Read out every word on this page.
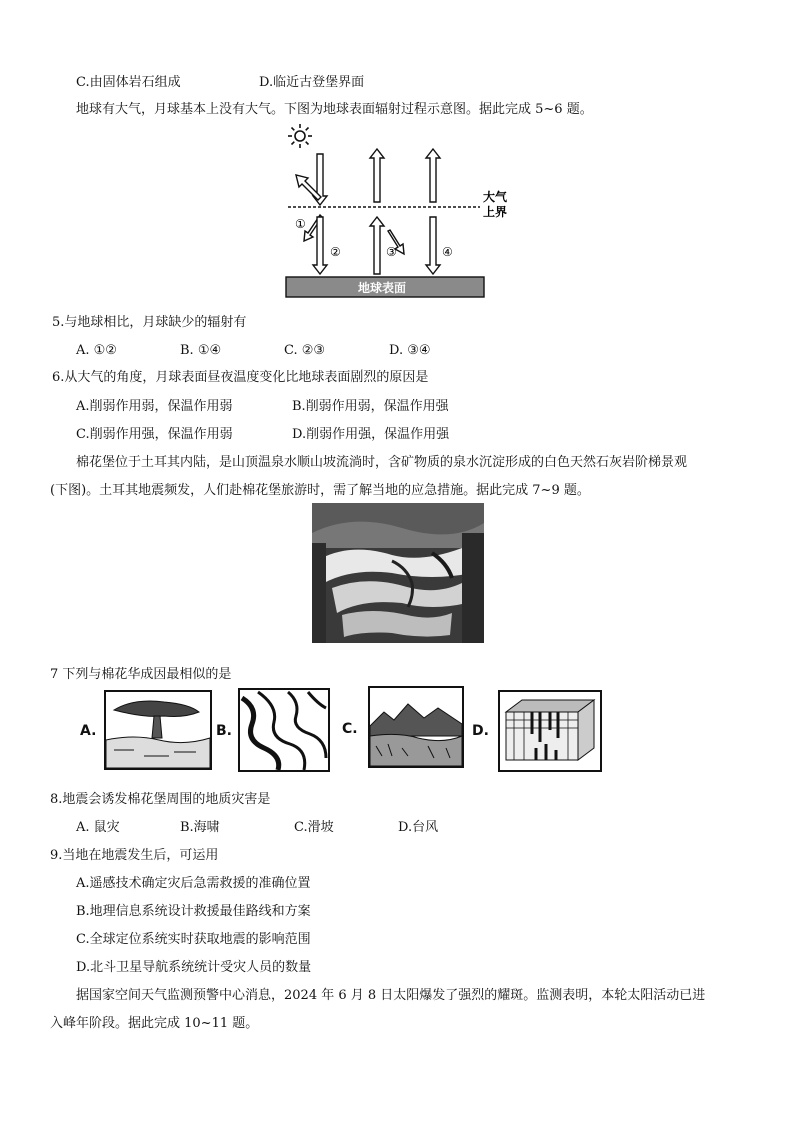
C.由固体岩石组成	D.临近古登堡界面
地球有大气，月球基本上没有大气。下图为地球表面辐射过程示意图。据此完成 5~6 题。
大气
上界
①
②	③	④
地球表面
5.与地球相比，月球缺少的辐射有
A. ①②	B. ①④	C. ②③	D. ③④
6.从大气的角度，月球表面昼夜温度变化比地球表面剧烈的原因是
A.削弱作用弱，保温作用弱	B.削弱作用弱，保温作用强
C.削弱作用强，保温作用弱	D.削弱作用强，保温作用强
棉花堡位于土耳其内陆，是山顶温泉水顺山坡流淌时，含矿物质的泉水沉淀形成的白色天然石灰岩阶梯景观
(下图)。土耳其地震频发，人们赴棉花堡旅游时，需了解当地的应急措施。据此完成 7~9 题。
7 下列与棉花华成因最相似的是
A.	B.	C.	D.
8.地震会诱发棉花堡周围的地质灾害是
A. 鼠灾	B.海啸	C.滑坡	D.台风
9.当地在地震发生后，可运用
A.遥感技术确定灾后急需救援的准确位置
B.地理信息系统设计救援最佳路线和方案
C.全球定位系统实时获取地震的影响范围
D.北斗卫星导航系统统计受灾人员的数量
据国家空间天气监测预警中心消息，2024 年 6 月 8 日太阳爆发了强烈的耀斑。监测表明，本轮太阳活动已进
入峰年阶段。据此完成 10~11 题。
